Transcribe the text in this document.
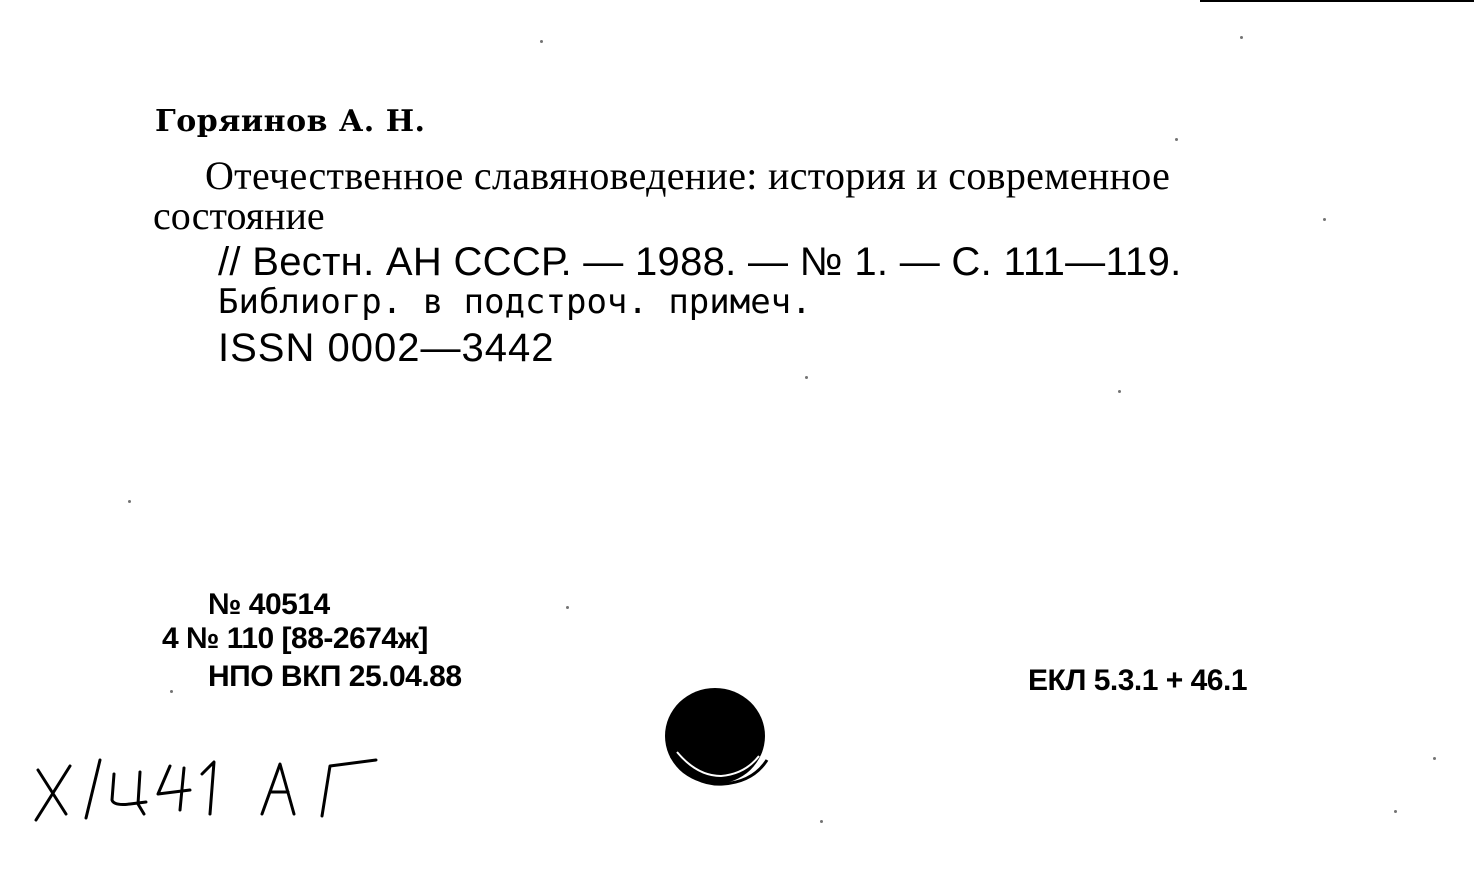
Горяинов А. Н.
Отечественное славяноведение: история и современное
состояние
// Вестн. АН СССР. — 1988. — № 1. — С. 111—119.
Библиогр. в подстроч. примеч.
ISSN 0002—3442
№ 40514
4 № 110 [88-2674ж]
НПО ВКП 25.04.88	ЕКЛ 5.3.1 + 46.1
